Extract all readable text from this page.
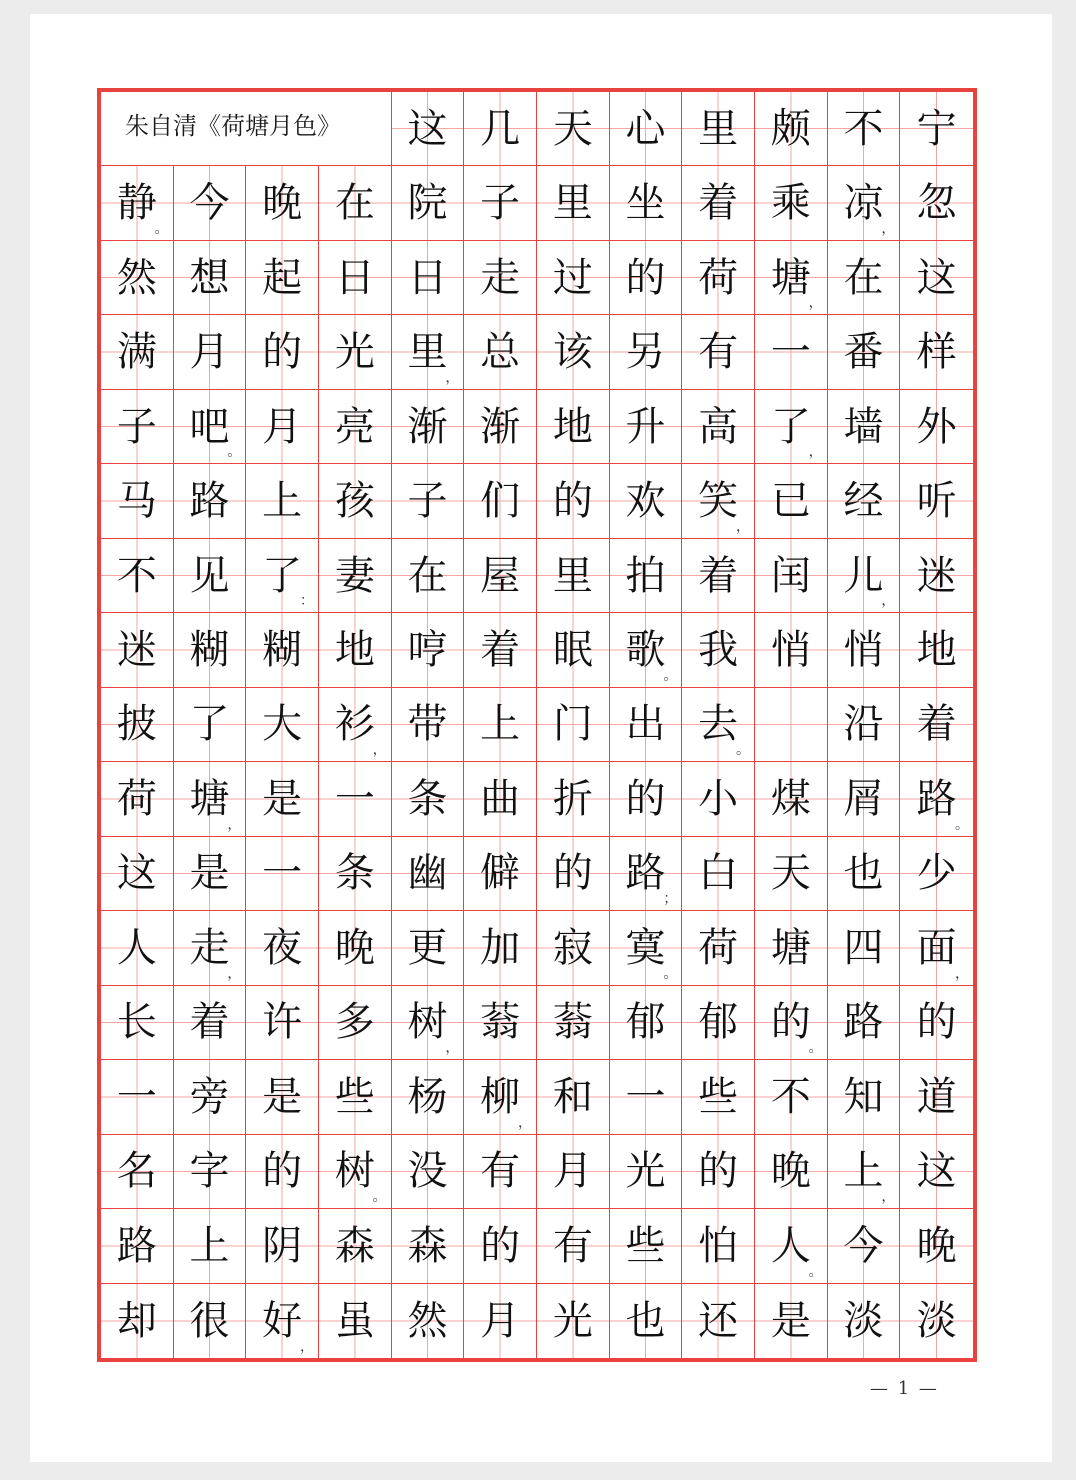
朱自清《荷塘月色》	这 几 天 心 里 颇 不 宁
静
。
今 晚 在 院 子 里 坐 着 乘 凉
，
忽
然 想 起 日 日 走 过 的 荷 塘
，
在 这
满 月 的 光 里
，
总 该 另 有 一 番 样
子 吧
。
月 亮 渐 渐 地 升 高 了
，
墙 外
马 路 上 孩 子 们 的 欢 笑
，
已 经 听
不 见 了
：
妻 在 屋 里 拍 着 闰 儿
，
迷
迷 糊 糊 地 哼 着 眠 歌
。
我 悄 悄 地
披 了 大 衫
，
带 上 门 出 去
。
沿 着
荷 塘
，
是 一 条 曲 折 的 小 煤 屑 路
。
这 是 一 条 幽 僻 的 路
；
白 天 也 少
人 走
，
夜 晚 更 加 寂 寞
。
荷 塘 四 面
，
长 着 许 多 树
，
蓊 蓊 郁 郁 的
。
路 的
一 旁 是 些 杨 柳
，
和 一 些 不 知 道
名 字 的 树
。
没 有 月 光 的 晚 上
，
这
路 上 阴 森 森 的 有 些 怕 人
。
今 晚
却 很 好
，
虽 然 月 光 也 还 是 淡 淡
— 1 —
